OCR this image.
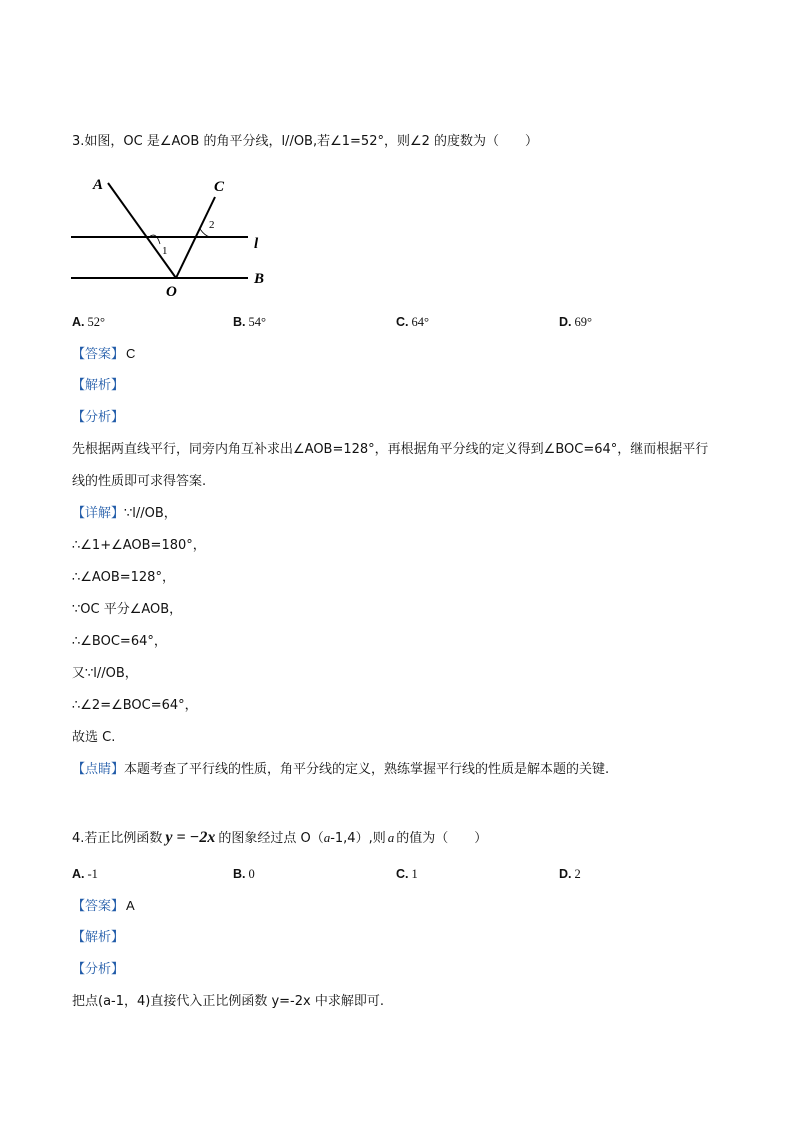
3.如图，OC 是∠AOB 的角平分线，l//OB,若∠1=52°，则∠2 的度数为（　　）
A	C
l
B
O
1
2
A. 52°	B. 54°	C. 64°	D. 69°
【答案】 C
【解析】
【分析】
先根据两直线平行，同旁内角互补求出∠AOB=128°，再根据角平分线的定义得到∠BOC=64°，继而根据平行
线的性质即可求得答案.
【详解】∵l//OB，
∴∠1+∠AOB=180°，
∴∠AOB=128°，
∵OC 平分∠AOB，
∴∠BOC=64°，
又∵l//OB，
∴∠2=∠BOC=64°，
故选 C.
【点睛】本题考查了平行线的性质，角平分线的定义，熟练掌握平行线的性质是解本题的关键.
4.若正比例函数 y = −2x 的图象经过点 O（a-1,4）,则 a 的值为（　　）
A. -1	B. 0	C. 1	D. 2
【答案】 A
【解析】
【分析】
把点(a-1，4)直接代入正比例函数 y=-2x 中求解即可.
